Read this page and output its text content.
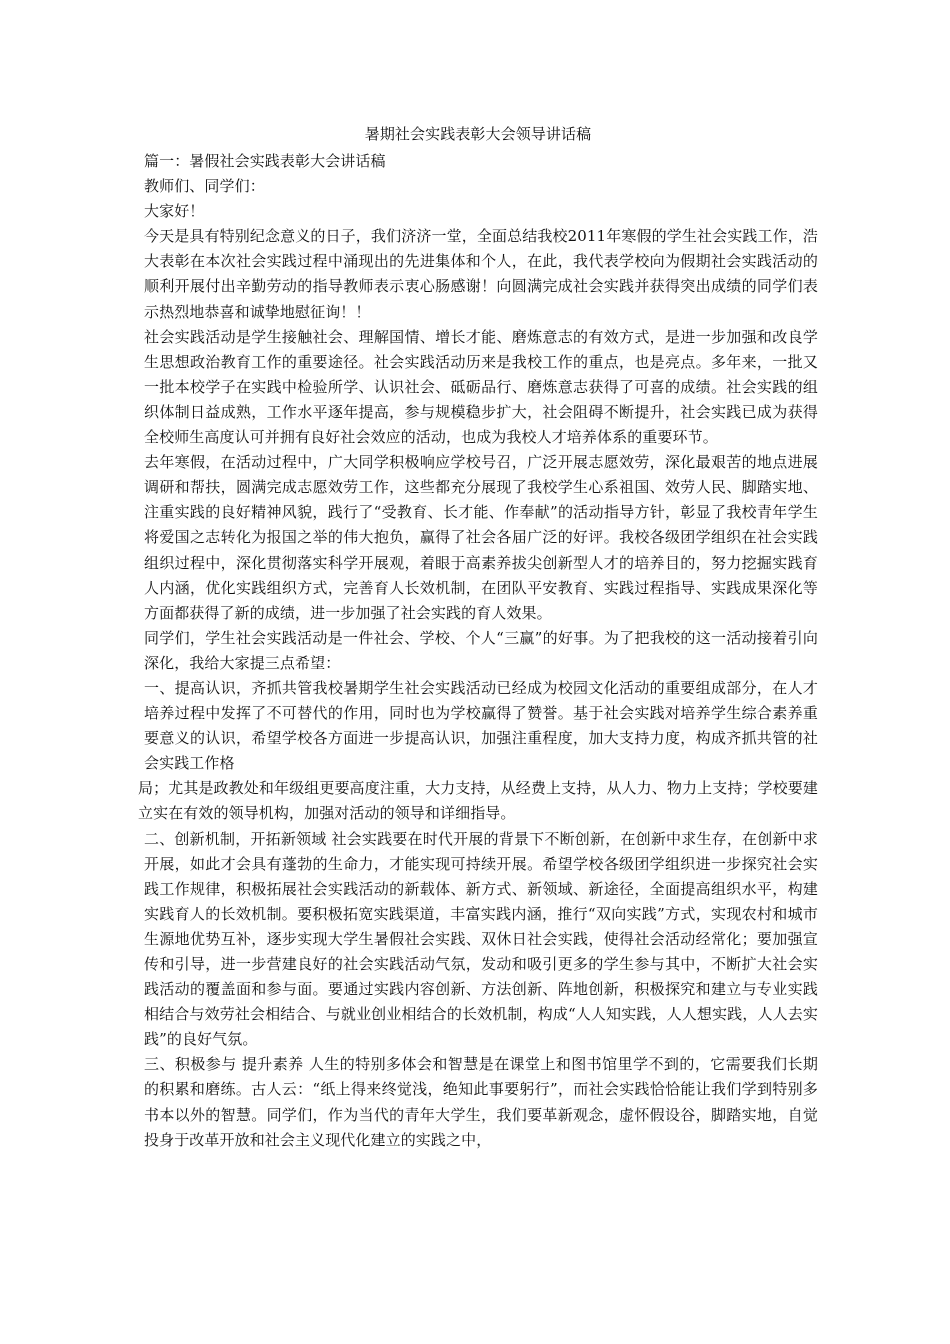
暑期社会实践表彰大会领导讲话稿

篇一：暑假社会实践表彰大会讲话稿

教师们、同学们：

大家好！

今天是具有特别纪念意义的日子，我们济济一堂，全面总结我校2011年寒假的学生社会实践工作，浩大表彰在本次社会实践过程中涌现出的先进集体和个人，在此，我代表学校向为假期社会实践活动的顺利开展付出辛勤劳动的指导教师表示衷心肠感谢！向圆满完成社会实践并获得突出成绩的同学们表示热烈地恭喜和诚挚地慰征询！！

社会实践活动是学生接触社会、理解国情、增长才能、磨炼意志的有效方式，是进一步加强和改良学生思想政治教育工作的重要途径。社会实践活动历来是我校工作的重点，也是亮点。多年来，一批又一批本校学子在实践中检验所学、认识社会、砥砺品行、磨炼意志获得了可喜的成绩。社会实践的组织体制日益成熟，工作水平逐年提高，参与规模稳步扩大，社会阻碍不断提升，社会实践已成为获得全校师生高度认可并拥有良好社会效应的活动，也成为我校人才培养体系的重要环节。

去年寒假，在活动过程中，广大同学积极响应学校号召，广泛开展志愿效劳，深化最艰苦的地点进展调研和帮扶，圆满完成志愿效劳工作，这些都充分展现了我校学生心系祖国、效劳人民、脚踏实地、注重实践的良好精神风貌，践行了“受教育、长才能、作奉献”的活动指导方针，彰显了我校青年学生将爱国之志转化为报国之举的伟大抱负，赢得了社会各届广泛的好评。我校各级团学组织在社会实践组织过程中，深化贯彻落实科学开展观，着眼于高素养拔尖创新型人才的培养目的，努力挖掘实践育人内涵，优化实践组织方式，完善育人长效机制，在团队平安教育、实践过程指导、实践成果深化等方面都获得了新的成绩，进一步加强了社会实践的育人效果。

同学们，学生社会实践活动是一件社会、学校、个人“三赢”的好事。为了把我校的这一活动接着引向深化，我给大家提三点希望：

一、提高认识，齐抓共管我校暑期学生社会实践活动已经成为校园文化活动的重要组成部分，在人才培养过程中发挥了不可替代的作用，同时也为学校赢得了赞誉。基于社会实践对培养学生综合素养重要意义的认识，希望学校各方面进一步提高认识，加强注重程度，加大支持力度，构成齐抓共管的社会实践工作格

局；尤其是政教处和年级组更要高度注重，大力支持，从经费上支持，从人力、物力上支持；学校要建立实在有效的领导机构，加强对活动的领导和详细指导。

二、创新机制，开拓新领域 社会实践要在时代开展的背景下不断创新，在创新中求生存，在创新中求开展，如此才会具有蓬勃的生命力，才能实现可持续开展。希望学校各级团学组织进一步探究社会实践工作规律，积极拓展社会实践活动的新载体、新方式、新领域、新途径，全面提高组织水平，构建实践育人的长效机制。要积极拓宽实践渠道，丰富实践内涵，推行“双向实践”方式，实现农村和城市生源地优势互补，逐步实现大学生暑假社会实践、双休日社会实践，使得社会活动经常化；要加强宣传和引导，进一步营建良好的社会实践活动气氛，发动和吸引更多的学生参与其中，不断扩大社会实践活动的覆盖面和参与面。要通过实践内容创新、方法创新、阵地创新，积极探究和建立与专业实践相结合与效劳社会相结合、与就业创业相结合的长效机制，构成“人人知实践，人人想实践，人人去实践”的良好气氛。

三、积极参与 提升素养 人生的特别多体会和智慧是在课堂上和图书馆里学不到的，它需要我们长期的积累和磨练。古人云：“纸上得来终觉浅，绝知此事要躬行”，而社会实践恰恰能让我们学到特别多书本以外的智慧。同学们，作为当代的青年大学生，我们要革新观念，虚怀假设谷，脚踏实地，自觉投身于改革开放和社会主义现代化建立的实践之中，
